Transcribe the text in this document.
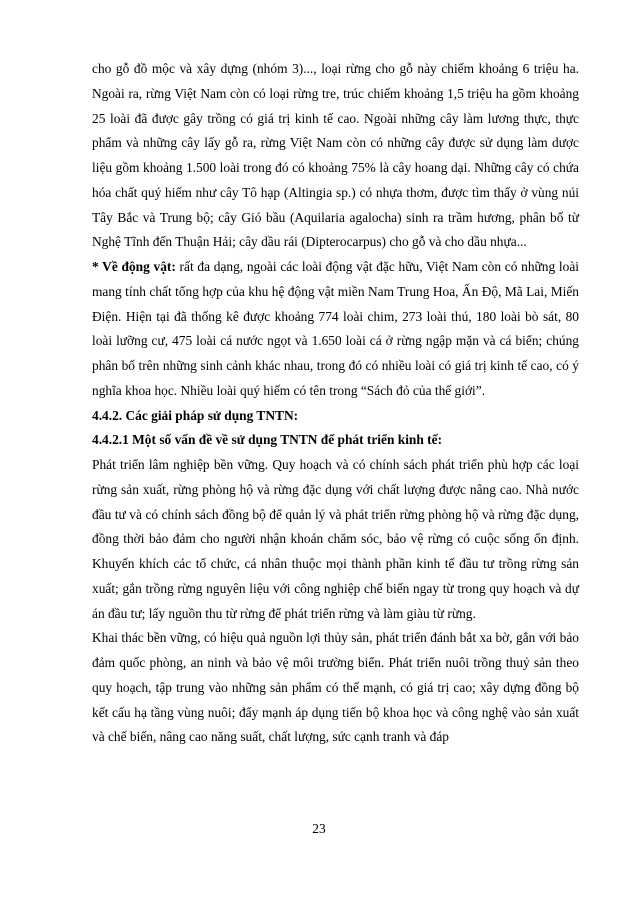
cho gỗ đồ mộc và xây dựng (nhóm 3)..., loại rừng cho gỗ này chiếm khoảng 6 triệu ha. Ngoài ra, rừng Việt Nam còn có loại rừng tre, trúc chiếm khoảng 1,5 triệu ha gồm khoảng 25 loài đã được gây trồng có giá trị kinh tế cao. Ngoài những cây làm lương thực, thực phẩm và những cây lấy gỗ ra, rừng Việt Nam còn có những cây được sử dụng làm dược liệu gồm khoảng 1.500 loài trong đó có khoảng 75% là cây hoang dại. Những cây có chứa hóa chất quý hiếm như cây Tô hạp (Altingia sp.) có nhựa thơm, được tìm thấy ở vùng núi Tây Bắc và Trung bộ; cây Gió bầu (Aquilaria agalocha) sinh ra trầm hương, phân bố từ Nghệ Tĩnh đến Thuận Hải; cây dầu rái (Dipterocarpus) cho gỗ và cho dầu nhựa...

* Về động vật: rất đa dạng, ngoài các loài động vật đặc hữu, Việt Nam còn có những loài mang tính chất tổng hợp của khu hệ động vật miền Nam Trung Hoa, Ấn Độ, Mã Lai, Miến Điện. Hiện tại đã thống kê được khoảng 774 loài chim, 273 loài thú, 180 loài bò sát, 80 loài lưỡng cư, 475 loài cá nước ngọt và 1.650 loài cá ở rừng ngập mặn và cá biển; chúng phân bố trên những sinh cảnh khác nhau, trong đó có nhiều loài có giá trị kinh tế cao, có ý nghĩa khoa học. Nhiều loài quý hiếm có tên trong “Sách đỏ của thế giới”.

4.4.2. Các giải pháp sử dụng TNTN:

4.4.2.1 Một số vấn đề về sử dụng TNTN để phát triển kinh tế:

Phát triển lâm nghiệp bền vững. Quy hoạch và có chính sách phát triển phù hợp các loại rừng sản xuất, rừng phòng hộ và rừng đặc dụng với chất lượng được nâng cao. Nhà nước đầu tư và có chính sách đồng bộ để quản lý và phát triển rừng phòng hộ và rừng đặc dụng, đồng thời bảo đảm cho người nhận khoán chăm sóc, bảo vệ rừng có cuộc sống ổn định. Khuyến khích các tổ chức, cá nhân thuộc mọi thành phần kinh tế đầu tư trồng rừng sản xuất; gắn trồng rừng nguyên liệu với công nghiệp chế biến ngay từ trong quy hoạch và dự án đầu tư; lấy nguồn thu từ rừng để phát triển rừng và làm giàu từ rừng.

Khai thác bền vững, có hiệu quả nguồn lợi thủy sản, phát triển đánh bắt xa bờ, gắn với bảo đảm quốc phòng, an ninh và bảo vệ môi trường biển. Phát triển nuôi trồng thuỷ sản theo quy hoạch, tập trung vào những sản phẩm có thế mạnh, có giá trị cao; xây dựng đồng bộ kết cấu hạ tầng vùng nuôi; đẩy mạnh áp dụng tiến bộ khoa học và công nghệ vào sản xuất và chế biến, nâng cao năng suất, chất lượng, sức cạnh tranh và đáp

23
